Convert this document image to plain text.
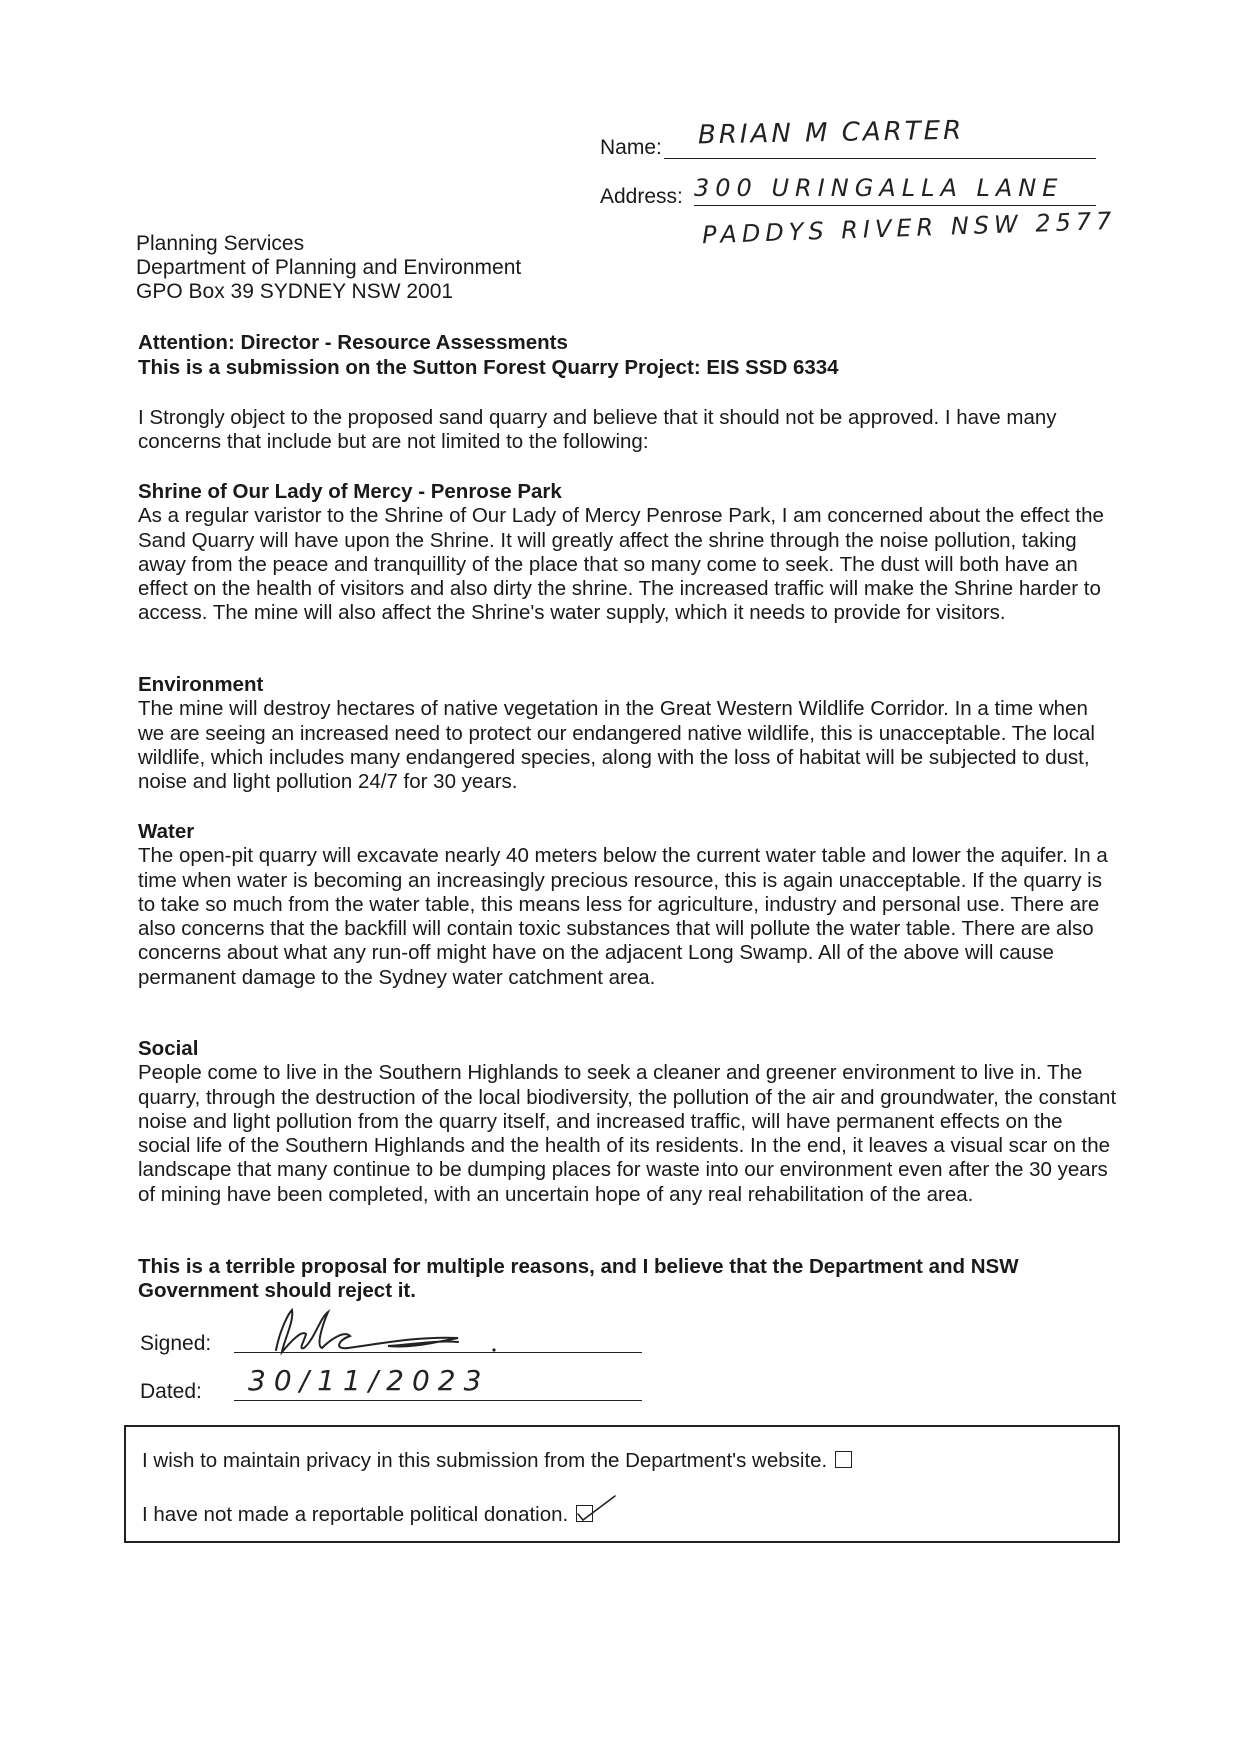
Name: BRIAN M CARTER
Address: 300 URINGALLA LANE
PADDYS RIVER NSW 2577
Planning Services
Department of Planning and Environment
GPO Box 39 SYDNEY NSW 2001
Attention: Director - Resource Assessments
This is a submission on the Sutton Forest Quarry Project: EIS SSD 6334

I Strongly object to the proposed sand quarry and believe that it should not be approved. I have many concerns that include but are not limited to the following:

Shrine of Our Lady of Mercy - Penrose Park

As a regular varistor to the Shrine of Our Lady of Mercy Penrose Park, I am concerned about the effect the Sand Quarry will have upon the Shrine. It will greatly affect the shrine through the noise pollution, taking away from the peace and tranquillity of the place that so many come to seek. The dust will both have an effect on the health of visitors and also dirty the shrine. The increased traffic will make the Shrine harder to access. The mine will also affect the Shrine's water supply, which it needs to provide for visitors.

Environment

The mine will destroy hectares of native vegetation in the Great Western Wildlife Corridor. In a time when we are seeing an increased need to protect our endangered native wildlife, this is unacceptable. The local wildlife, which includes many endangered species, along with the loss of habitat will be subjected to dust, noise and light pollution 24/7 for 30 years.

Water

The open-pit quarry will excavate nearly 40 meters below the current water table and lower the aquifer. In a time when water is becoming an increasingly precious resource, this is again unacceptable. If the quarry is to take so much from the water table, this means less for agriculture, industry and personal use. There are also concerns that the backfill will contain toxic substances that will pollute the water table. There are also concerns about what any run-off might have on the adjacent Long Swamp. All of the above will cause permanent damage to the Sydney water catchment area.

Social

People come to live in the Southern Highlands to seek a cleaner and greener environment to live in. The quarry, through the destruction of the local biodiversity, the pollution of the air and groundwater, the constant noise and light pollution from the quarry itself, and increased traffic, will have permanent effects on the social life of the Southern Highlands and the health of its residents. In the end, it leaves a visual scar on the landscape that many continue to be dumping places for waste into our environment even after the 30 years of mining have been completed, with an uncertain hope of any real rehabilitation of the area.

This is a terrible proposal for multiple reasons, and I believe that the Department and NSW Government should reject it.

Signed:
Dated: 30/11/2023
I wish to maintain privacy in this submission from the Department's website.
I have not made a reportable political donation.
